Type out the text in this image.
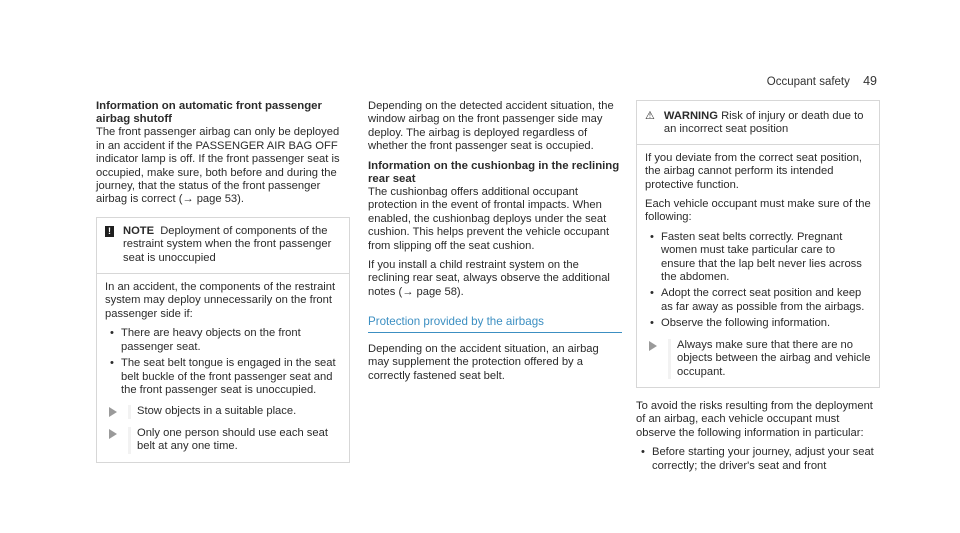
Occupant safety 49
Information on automatic front passenger airbag shutoff

The front passenger airbag can only be deployed in an accident if the PASSENGER AIR BAG OFF indicator lamp is off. If the front passenger seat is occupied, make sure, both before and during the journey, that the status of the front passenger airbag is correct (→ page 53).

! NOTE Deployment of components of the restraint system when the front passenger seat is unoccupied

In an accident, the components of the restraint system may deploy unnecessarily on the front passenger side if:

• There are heavy objects on the front passenger seat.
• The seat belt tongue is engaged in the seat belt buckle of the front passenger seat and the front passenger seat is unoccupied.
Stow objects in a suitable place.
Only one person should use each seat belt at any one time.

Depending on the detected accident situation, the window airbag on the front passenger side may deploy. The airbag is deployed regardless of whether the front passenger seat is occupied.

Information on the cushionbag in the reclining rear seat

The cushionbag offers additional occupant protection in the event of frontal impacts. When enabled, the cushionbag deploys under the seat cushion. This helps prevent the vehicle occupant from slipping off the seat cushion.

If you install a child restraint system on the reclining rear seat, always observe the additional notes (→ page 58).

Protection provided by the airbags

Depending on the accident situation, an airbag may supplement the protection offered by a correctly fastened seat belt.

⚠ WARNING Risk of injury or death due to an incorrect seat position

If you deviate from the correct seat position, the airbag cannot perform its intended protective function.

Each vehicle occupant must make sure of the following:

• Fasten seat belts correctly. Pregnant women must take particular care to ensure that the lap belt never lies across the abdomen.
• Adopt the correct seat position and keep as far away as possible from the airbags.
• Observe the following information.
Always make sure that there are no objects between the airbag and vehicle occupant.

To avoid the risks resulting from the deployment of an airbag, each vehicle occupant must observe the following information in particular:

• Before starting your journey, adjust your seat correctly; the driver's seat and front
